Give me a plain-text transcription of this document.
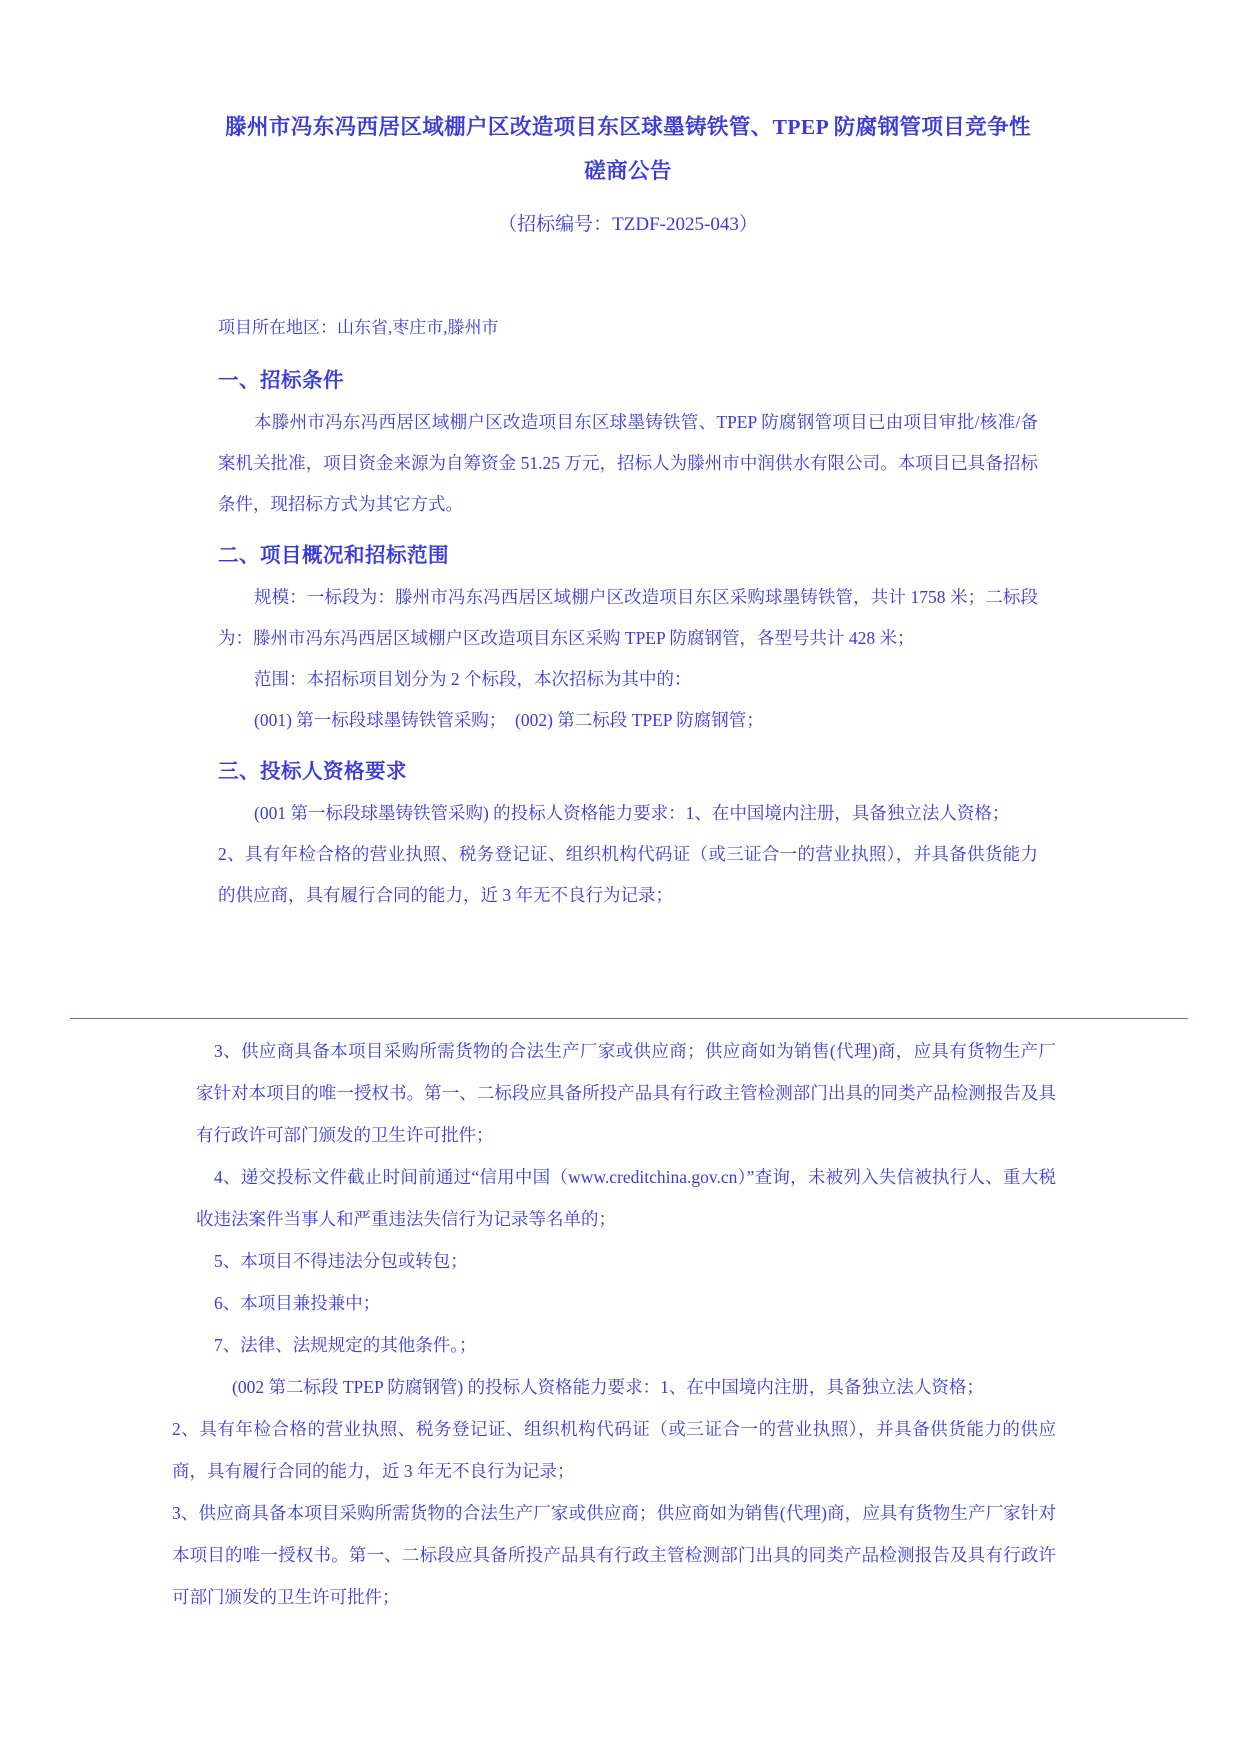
滕州市冯东冯西居区域棚户区改造项目东区球墨铸铁管、TPEP 防腐钢管项目竞争性磋商公告
（招标编号：TZDF-2025-043）

项目所在地区：山东省,枣庄市,滕州市

一、招标条件

本滕州市冯东冯西居区域棚户区改造项目东区球墨铸铁管、TPEP 防腐钢管项目已由项目审批/核准/备案机关批准，项目资金来源为自筹资金 51.25 万元，招标人为滕州市中润供水有限公司。本项目已具备招标条件，现招标方式为其它方式。

二、项目概况和招标范围

规模：一标段为：滕州市冯东冯西居区域棚户区改造项目东区采购球墨铸铁管，共计 1758 米；二标段为：滕州市冯东冯西居区域棚户区改造项目东区采购 TPEP 防腐钢管，各型号共计 428 米；

范围：本招标项目划分为 2 个标段，本次招标为其中的：

(001) 第一标段球墨铸铁管采购；　(002) 第二标段 TPEP 防腐钢管；

三、投标人资格要求

(001 第一标段球墨铸铁管采购) 的投标人资格能力要求：1、在中国境内注册，具备独立法人资格；

2、具有年检合格的营业执照、税务登记证、组织机构代码证（或三证合一的营业执照），并具备供货能力的供应商，具有履行合同的能力，近 3 年无不良行为记录；

3、供应商具备本项目采购所需货物的合法生产厂家或供应商；供应商如为销售(代理)商，应具有货物生产厂家针对本项目的唯一授权书。第一、二标段应具备所投产品具有行政主管检测部门出具的同类产品检测报告及具有行政许可部门颁发的卫生许可批件；

4、递交投标文件截止时间前通过“信用中国（www.creditchina.gov.cn）”查询，未被列入失信被执行人、重大税收违法案件当事人和严重违法失信行为记录等名单的；

5、本项目不得违法分包或转包；

6、本项目兼投兼中；

7、法律、法规规定的其他条件。；

(002 第二标段 TPEP 防腐钢管) 的投标人资格能力要求：1、在中国境内注册，具备独立法人资格；

2、具有年检合格的营业执照、税务登记证、组织机构代码证（或三证合一的营业执照），并具备供货能力的供应商，具有履行合同的能力，近 3 年无不良行为记录；

3、供应商具备本项目采购所需货物的合法生产厂家或供应商；供应商如为销售(代理)商，应具有货物生产厂家针对本项目的唯一授权书。第一、二标段应具备所投产品具有行政主管检测部门出具的同类产品检测报告及具有行政许可部门颁发的卫生许可批件；
